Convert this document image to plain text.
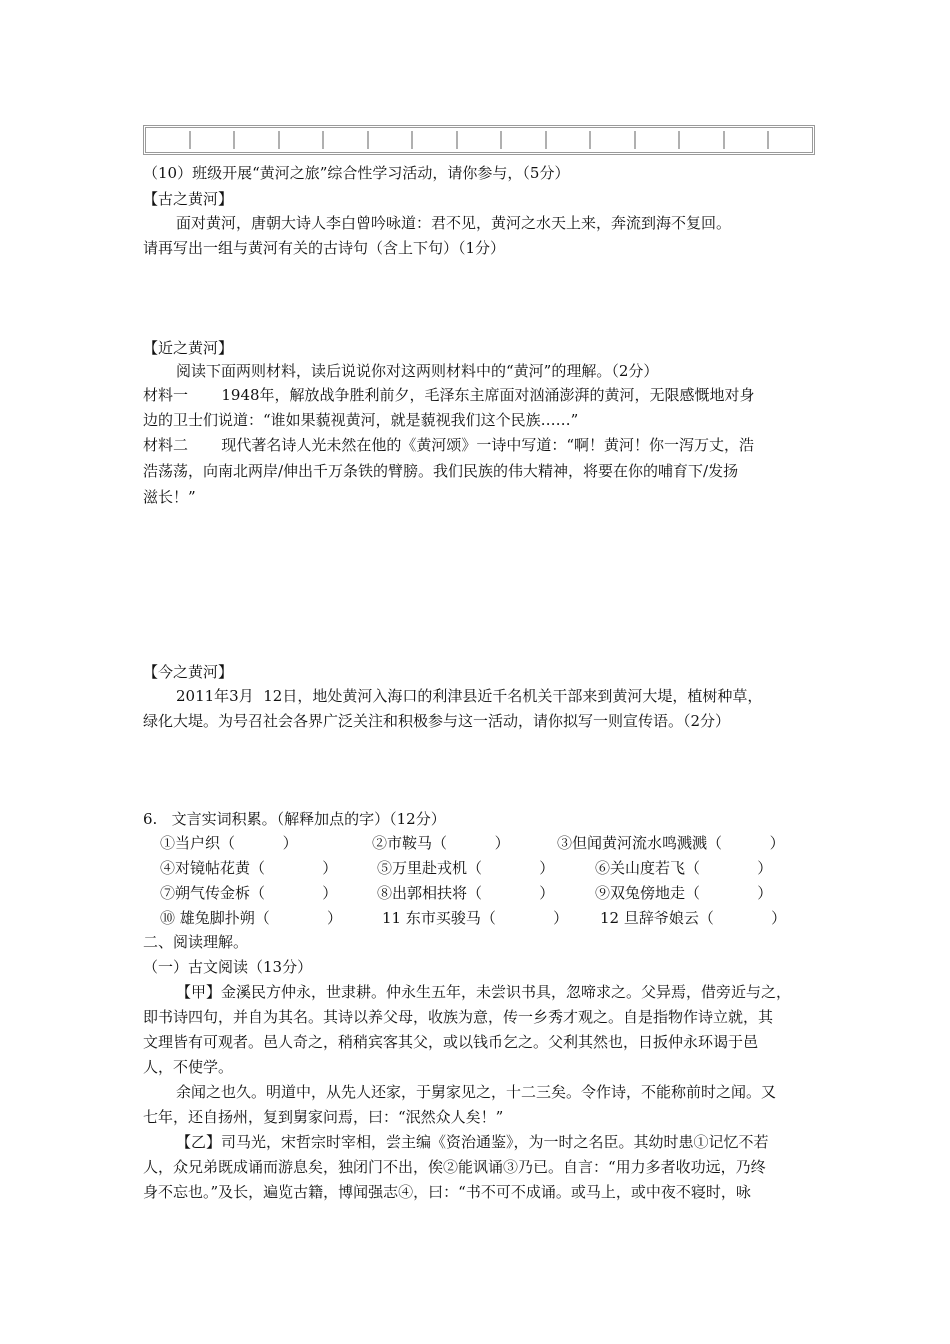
（10）班级开展“黄河之旅”综合性学习活动，请你参与，（5分）
【古之黄河】
面对黄河，唐朝大诗人李白曾吟咏道：君不见，黄河之水天上来，奔流到海不复回。
请再写出一组与黄河有关的古诗句（含上下句）（1分）
【近之黄河】
阅读下面两则材料，读后说说你对这两则材料中的“黄河”的理解。（2分）
材料一       1948年，解放战争胜利前夕，毛泽东主席面对汹涌澎湃的黄河，无限感慨地对身
边的卫士们说道：“谁如果藐视黄河，就是藐视我们这个民族……”
材料二       现代著名诗人光未然在他的《黄河颂》一诗中写道：“啊！黄河！你一泻万丈，浩
浩荡荡，向南北两岸/伸出千万条铁的臂膀。我们民族的伟大精神，将要在你的哺育下/发扬
滋长！”
【今之黄河】
2011年3月  12日，地处黄河入海口的利津县近千名机关干部来到黄河大堤，植树种草，
绿化大堤。为号召社会各界广泛关注和积极参与这一活动，请你拟写一则宣传语。（2分）
6.   文言实词积累。（解释加点的字）（12分）
①当户织（          ）	②市鞍马（          ）	③但闻黄河流水鸣溅溅（          ）
④对镜帖花黄（            ）	⑤万里赴戎机（            ）	⑥关山度若飞（            ）
⑦朔气传金柝（            ）	⑧出郭相扶将（            ）	⑨双兔傍地走（            ）
⑩ 雄兔脚扑朔（            ）	11 东市买骏马（            ） 12 旦辞爷娘云（            ）
二、阅读理解。
（一）古文阅读（13分）
【甲】金溪民方仲永，世隶耕。仲永生五年，未尝识书具，忽啼求之。父异焉，借旁近与之，
即书诗四句，并自为其名。其诗以养父母，收族为意，传一乡秀才观之。自是指物作诗立就，其
文理皆有可观者。邑人奇之，稍稍宾客其父，或以钱币乞之。父利其然也，日扳仲永环谒于邑
人，不使学。
余闻之也久。明道中，从先人还家，于舅家见之，十二三矣。令作诗，不能称前时之闻。又
七年，还自扬州，复到舅家问焉，曰：“泯然众人矣！”
【乙】司马光，宋哲宗时宰相，尝主编《资治通鉴》，为一时之名臣。其幼时患①记忆不若
人，众兄弟既成诵而游息矣，独闭门不出，俟②能讽诵③乃已。自言：“用力多者收功远，乃终
身不忘也。”及长，遍览古籍，博闻强志④，曰：“书不可不成诵。或马上，或中夜不寝时，咏
